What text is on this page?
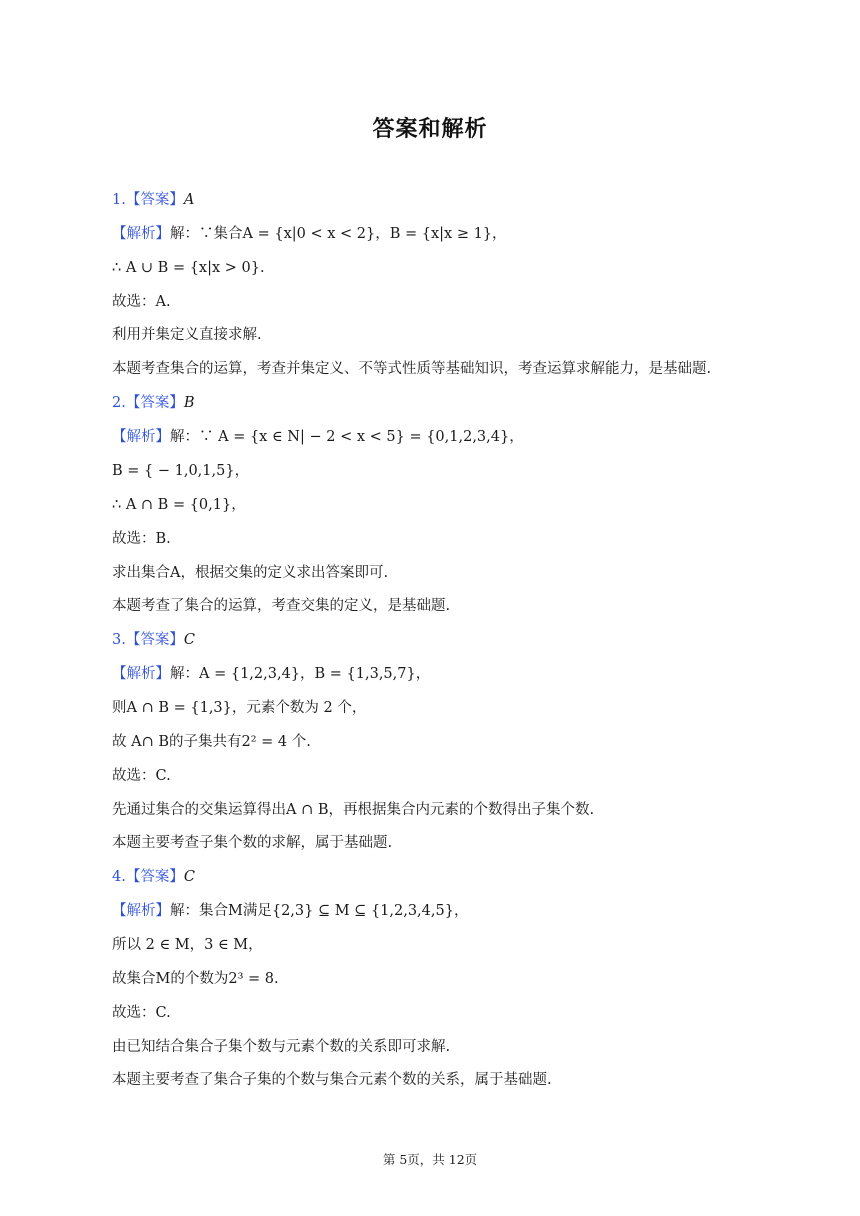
答案和解析
1.【答案】A
【解析】解：∵集合A = {x|0 < x < 2}，B = {x|x ≥ 1}，
∴ A ∪ B = {x|x > 0}.
故选：A.
利用并集定义直接求解.
本题考查集合的运算，考查并集定义、不等式性质等基础知识，考查运算求解能力，是基础题.
2.【答案】B
【解析】解：∵ A = {x ∈ N| − 2 < x < 5} = {0,1,2,3,4}，
B = { − 1,0,1,5}，
∴ A ∩ B = {0,1}，
故选：B.
求出集合A，根据交集的定义求出答案即可.
本题考查了集合的运算，考查交集的定义，是基础题.
3.【答案】C
【解析】解：A = {1,2,3,4}，B = {1,3,5,7}，
则A ∩ B = {1,3}，元素个数为 2 个，
故 A∩ B的子集共有2² = 4 个.
故选：C.
先通过集合的交集运算得出A ∩ B，再根据集合内元素的个数得出子集个数.
本题主要考查子集个数的求解，属于基础题.
4.【答案】C
【解析】解：集合M满足{2,3} ⊆ M ⊆ {1,2,3,4,5}，
所以 2 ∈ M，3 ∈ M，
故集合M的个数为2³ = 8.
故选：C.
由已知结合集合子集个数与元素个数的关系即可求解.
本题主要考查了集合子集的个数与集合元素个数的关系，属于基础题.
第 5页，共 12页
